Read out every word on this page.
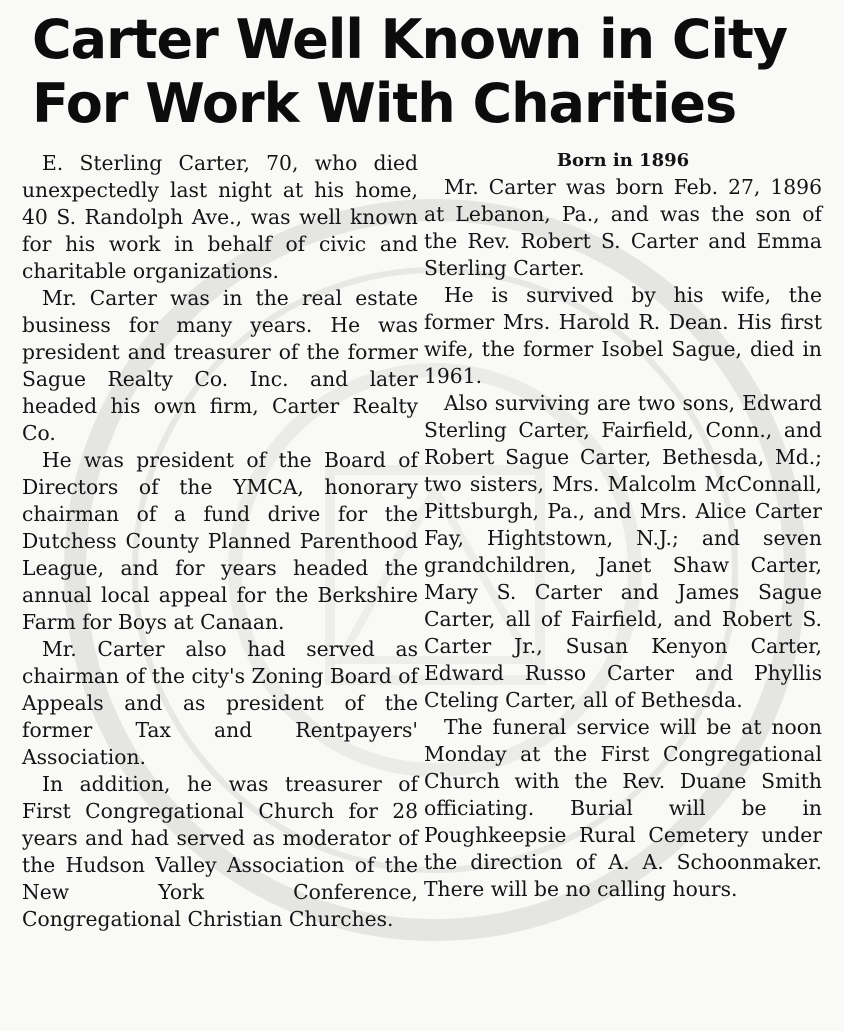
Carter Well Known in City
For Work With Charities

E. Sterling Carter, 70, who died unexpectedly last night at his home, 40 S. Randolph Ave., was well known for his work in behalf of civic and charitable organizations.

Mr. Carter was in the real estate business for many years. He was president and treasurer of the former Sague Realty Co. Inc. and later headed his own firm, Carter Realty Co.

He was president of the Board of Directors of the YMCA, honorary chairman of a fund drive for the Dutchess County Planned Parenthood League, and for years headed the annual local appeal for the Berkshire Farm for Boys at Canaan.

Mr. Carter also had served as chairman of the city's Zoning Board of Appeals and as president of the former Tax and Rentpayers' Association.

In addition, he was treasurer of First Congregational Church for 28 years and had served as moderator of the Hudson Valley Association of the New York Conference, Congregational Christian Churches.

Born in 1896

Mr. Carter was born Feb. 27, 1896 at Lebanon, Pa., and was the son of the Rev. Robert S. Carter and Emma Sterling Carter.

He is survived by his wife, the former Mrs. Harold R. Dean. His first wife, the former Isobel Sague, died in 1961.

Also surviving are two sons, Edward Sterling Carter, Fairfield, Conn., and Robert Sague Carter, Bethesda, Md.; two sisters, Mrs. Malcolm McConnall, Pittsburgh, Pa., and Mrs. Alice Carter Fay, Hightstown, N.J.; and seven grandchildren, Janet Shaw Carter, Mary S. Carter and James Sague Carter, all of Fairfield, and Robert S. Carter Jr., Susan Kenyon Carter, Edward Russo Carter and Phyllis Cteling Carter, all of Bethesda.

The funeral service will be at noon Monday at the First Congregational Church with the Rev. Duane Smith officiating. Burial will be in Poughkeepsie Rural Cemetery under the direction of A. A. Schoonmaker. There will be no calling hours.
